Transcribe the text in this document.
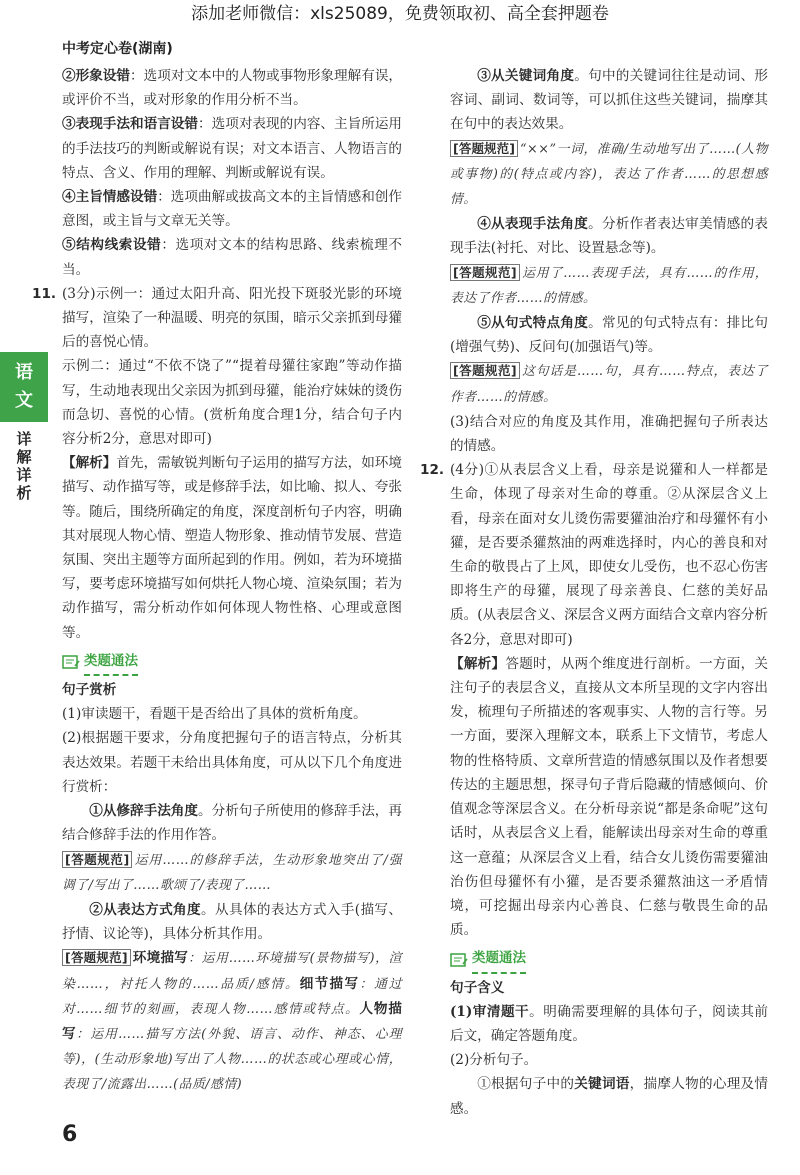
添加老师微信：xls25089，免费领取初、高全套押题卷
中考定心卷(湖南)
语
文
详解详析

②形象设错：选项对文本中的人物或事物形象理解有误，或评价不当，或对形象的作用分析不当。

③表现手法和语言设错：选项对表现的内容、主旨所运用的手法技巧的判断或解说有误；对文本语言、人物语言的特点、含义、作用的理解、判断或解说有误。

④主旨情感设错：选项曲解或拔高文本的主旨情感和创作意图，或主旨与文章无关等。

⑤结构线索设错：选项对文本的结构思路、线索梳理不当。

11. (3分)示例一：通过太阳升高、阳光投下斑驳光影的环境描写，渲染了一种温暖、明亮的氛围，暗示父亲抓到母獾后的喜悦心情。

示例二：通过“不依不饶了”“提着母獾往家跑”等动作描写，生动地表现出父亲因为抓到母獾，能治疗妹妹的烫伤而急切、喜悦的心情。(赏析角度合理1分，结合句子内容分析2分，意思对即可)

【解析】首先，需敏锐判断句子运用的描写方法，如环境描写、动作描写等，或是修辞手法，如比喻、拟人、夸张等。随后，围绕所确定的角度，深度剖析句子内容，明确其对展现人物心情、塑造人物形象、推动情节发展、营造氛围、突出主题等方面所起到的作用。例如，若为环境描写，要考虑环境描写如何烘托人物心境、渲染氛围；若为动作描写，需分析动作如何体现人物性格、心理或意图等。

类题通法

句子赏析

(1)审读题干，看题干是否给出了具体的赏析角度。

(2)根据题干要求，分角度把握句子的语言特点，分析其表达效果。若题干未给出具体角度，可从以下几个角度进行赏析：

①从修辞手法角度。分析句子所使用的修辞手法，再结合修辞手法的作用作答。

[答题规范] 运用……的修辞手法，生动形象地突出了/强调了/写出了……歌颂了/表现了……

②从表达方式角度。从具体的表达方式入手(描写、抒情、议论等)，具体分析其作用。

[答题规范] 环境描写：运用……环境描写(景物描写)，渲染……，衬托人物的……品质/感情。细节描写：通过对……细节的刻画，表现人物……感情或特点。人物描写：运用……描写方法(外貌、语言、动作、神态、心理等)，(生动形象地)写出了人物……的状态或心理或心情，表现了/流露出……(品质/感情)

③从关键词角度。句中的关键词往往是动词、形容词、副词、数词等，可以抓住这些关键词，揣摩其在句中的表达效果。

[答题规范] “××”一词，准确/生动地写出了……(人物或事物)的(特点或内容)，表达了作者……的思想感情。

④从表现手法角度。分析作者表达审美情感的表现手法(衬托、对比、设置悬念等)。

[答题规范] 运用了……表现手法，具有……的作用，表达了作者……的情感。

⑤从句式特点角度。常见的句式特点有：排比句(增强气势)、反问句(加强语气)等。

[答题规范] 这句话是……句，具有……特点，表达了作者……的情感。

(3)结合对应的角度及其作用，准确把握句子所表达的情感。

12. (4分)①从表层含义上看，母亲是说獾和人一样都是生命，体现了母亲对生命的尊重。②从深层含义上看，母亲在面对女儿烫伤需要獾油治疗和母獾怀有小獾，是否要杀獾熬油的两难选择时，内心的善良和对生命的敬畏占了上风，即使女儿受伤，也不忍心伤害即将生产的母獾，展现了母亲善良、仁慈的美好品质。(从表层含义、深层含义两方面结合文章内容分析各2分，意思对即可)

【解析】答题时，从两个维度进行剖析。一方面，关注句子的表层含义，直接从文本所呈现的文字内容出发，梳理句子所描述的客观事实、人物的言行等。另一方面，要深入理解文本，联系上下文情节，考虑人物的性格特质、文章所营造的情感氛围以及作者想要传达的主题思想，探寻句子背后隐藏的情感倾向、价值观念等深层含义。在分析母亲说“都是条命呢”这句话时，从表层含义上看，能解读出母亲对生命的尊重这一意蕴；从深层含义上看，结合女儿烫伤需要獾油治伤但母獾怀有小獾，是否要杀獾熬油这一矛盾情境，可挖掘出母亲内心善良、仁慈与敬畏生命的品质。

类题通法

句子含义

(1)审清题干。明确需要理解的具体句子，阅读其前后文，确定答题角度。

(2)分析句子。

①根据句子中的关键词语，揣摩人物的心理及情感。

6
